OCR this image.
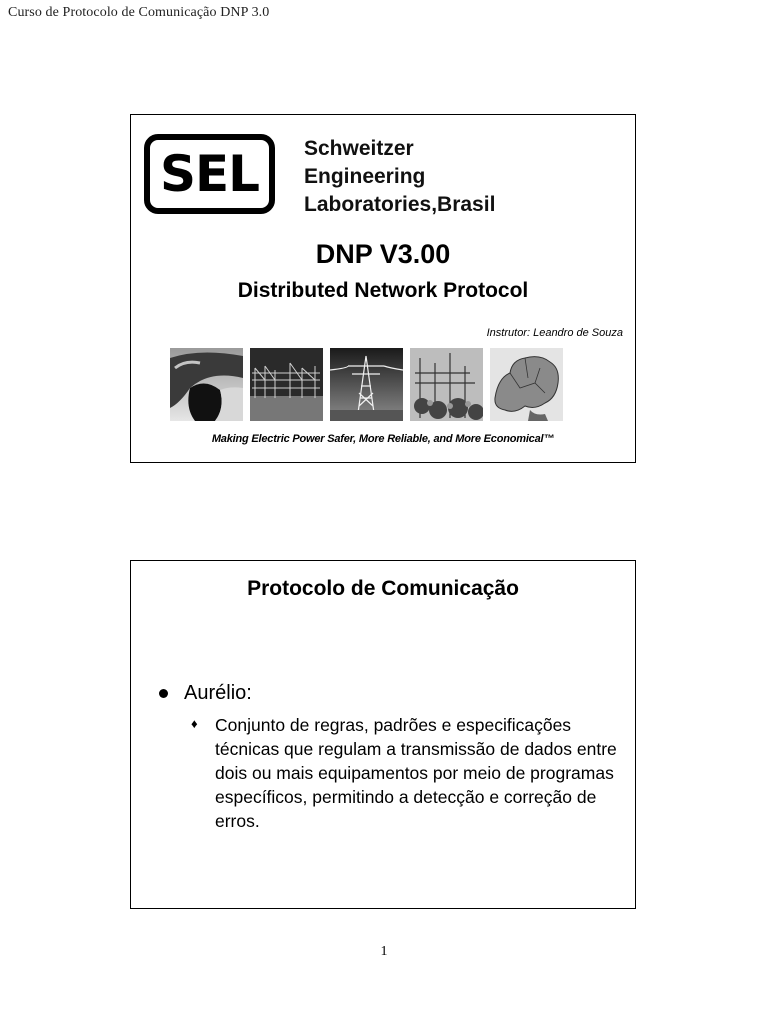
Curso de Protocolo de Comunicação DNP 3.0
SEL	Schweitzer
Engineering
Laboratories,Brasil
DNP V3.00
Distributed Network Protocol
Instrutor: Leandro de Souza
Making Electric Power Safer, More Reliable, and More Economical™
Protocolo de Comunicação
Aurélio:
♦ Conjunto de regras, padrões e especificações técnicas que regulam a transmissão de dados entre dois ou mais equipamentos por meio de programas específicos, permitindo a detecção e correção de erros.
1
